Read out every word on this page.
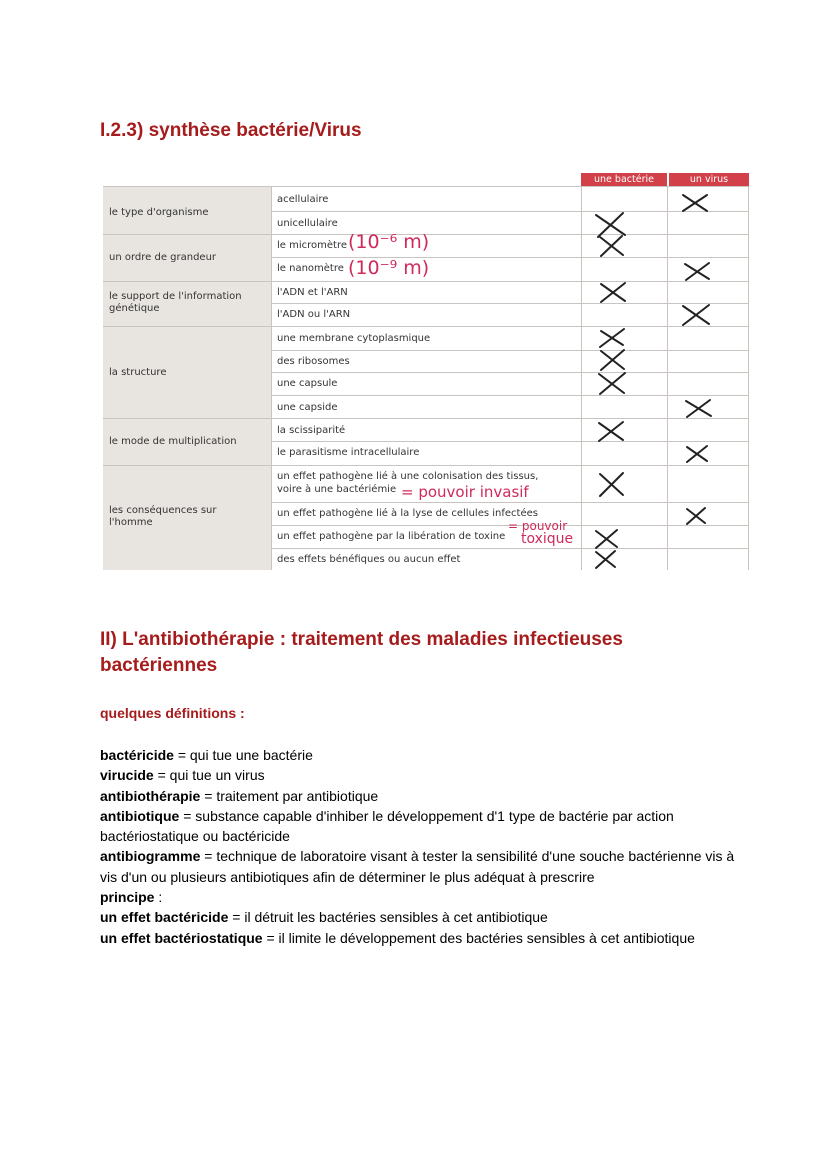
I.2.3) synthèse bactérie/Virus
une bactérie	un virus
le type d'organisme
un ordre de grandeur
le support de l'information génétique
la structure
le mode de multiplication
les conséquences sur l'homme
acellulaire
unicellulaire
le micromètre
le nanomètre
l'ADN et l'ARN
l'ADN ou l'ARN
une membrane cytoplasmique
des ribosomes
une capsule
une capside
la scissiparité
le parasitisme intracellulaire
un effet pathogène lié à une colonisation des tissus,
voire à une bactériémie
un effet pathogène lié à la lyse de cellules infectées
un effet pathogène par la libération de toxine
des effets bénéfiques ou aucun effet
(10⁻⁶ m)
(10⁻⁹ m)
= pouvoir invasif
= pouvoir
toxique
II) L'antibiothérapie : traitement des maladies infectieuses bactériennes
quelques définitions :

bactéricide = qui tue une bactérie

virucide = qui tue un virus

antibiothérapie = traitement par antibiotique

antibiotique = substance capable d'inhiber le développement d'1 type de bactérie par action bactériostatique ou bactéricide

antibiogramme = technique de laboratoire visant à tester la sensibilité d'une souche bactérienne vis à vis d'un ou plusieurs antibiotiques afin de déterminer le plus adéquat à prescrire

principe :

un effet bactéricide = il détruit les bactéries sensibles à cet antibiotique

un effet bactériostatique = il limite le développement des bactéries sensibles à cet antibiotique
